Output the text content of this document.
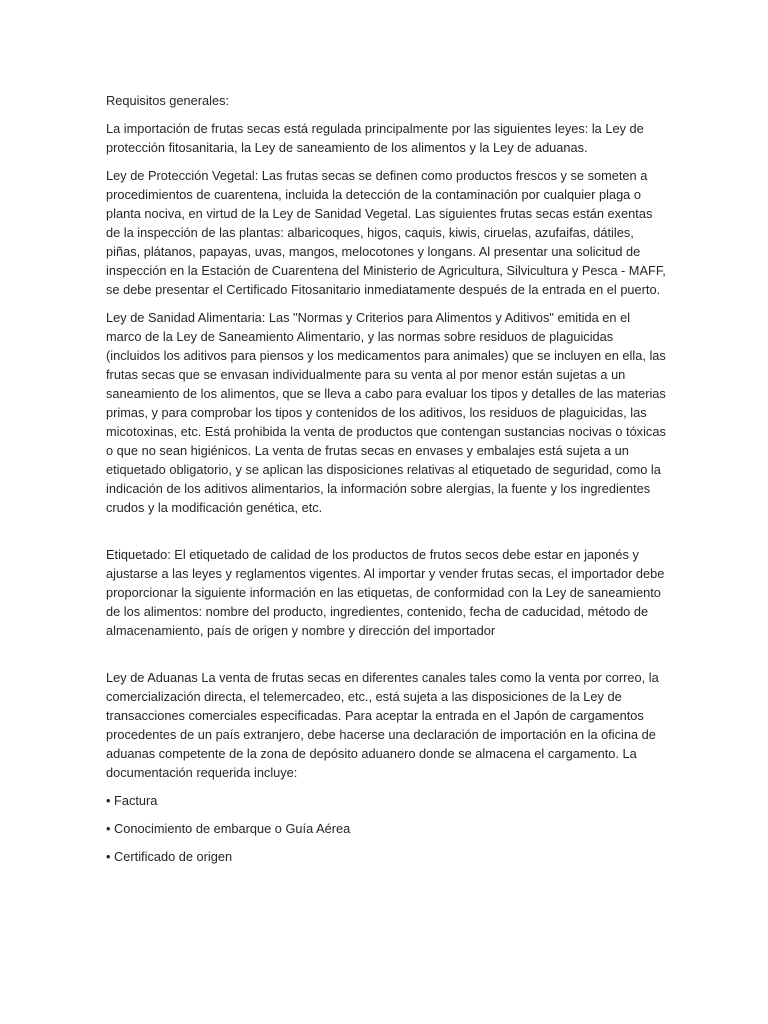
Requisitos generales:

La importación de frutas secas está regulada principalmente por las siguientes leyes: la Ley de protección fitosanitaria, la Ley de saneamiento de los alimentos y la Ley de aduanas.

Ley de Protección Vegetal: Las frutas secas se definen como productos frescos y se someten a procedimientos de cuarentena, incluida la detección de la contaminación por cualquier plaga o planta nociva, en virtud de la Ley de Sanidad Vegetal. Las siguientes frutas secas están exentas de la inspección de las plantas: albaricoques, higos, caquis, kiwis, ciruelas, azufaifas, dátiles, piñas, plátanos, papayas, uvas, mangos, melocotones y longans. Al presentar una solicitud de inspección en la Estación de Cuarentena del Ministerio de Agricultura, Silvicultura y Pesca - MAFF, se debe presentar el Certificado Fitosanitario inmediatamente después de la entrada en el puerto.

Ley de Sanidad Alimentaria: Las "Normas y Criterios para Alimentos y Aditivos" emitida en el marco de la Ley de Saneamiento Alimentario, y las normas sobre residuos de plaguicidas (incluidos los aditivos para piensos y los medicamentos para animales) que se incluyen en ella, las frutas secas que se envasan individualmente para su venta al por menor están sujetas a un saneamiento de los alimentos, que se lleva a cabo para evaluar los tipos y detalles de las materias primas, y para comprobar los tipos y contenidos de los aditivos, los residuos de plaguicidas, las micotoxinas, etc. Está prohibida la venta de productos que contengan sustancias nocivas o tóxicas o que no sean higiénicos. La venta de frutas secas en envases y embalajes está sujeta a un etiquetado obligatorio, y se aplican las disposiciones relativas al etiquetado de seguridad, como la indicación de los aditivos alimentarios, la información sobre alergias, la fuente y los ingredientes crudos y la modificación genética, etc.

Etiquetado: El etiquetado de calidad de los productos de frutos secos debe estar en japonés y ajustarse a las leyes y reglamentos vigentes. Al importar y vender frutas secas, el importador debe proporcionar la siguiente información en las etiquetas, de conformidad con la Ley de saneamiento de los alimentos: nombre del producto, ingredientes, contenido, fecha de caducidad, método de almacenamiento, país de origen y nombre y dirección del importador

Ley de Aduanas La venta de frutas secas en diferentes canales tales como la venta por correo, la comercialización directa, el telemercadeo, etc., está sujeta a las disposiciones de la Ley de transacciones comerciales especificadas. Para aceptar la entrada en el Japón de cargamentos procedentes de un país extranjero, debe hacerse una declaración de importación en la oficina de aduanas competente de la zona de depósito aduanero donde se almacena el cargamento. La documentación requerida incluye:

• Factura

• Conocimiento de embarque o Guía Aérea

• Certificado de origen
